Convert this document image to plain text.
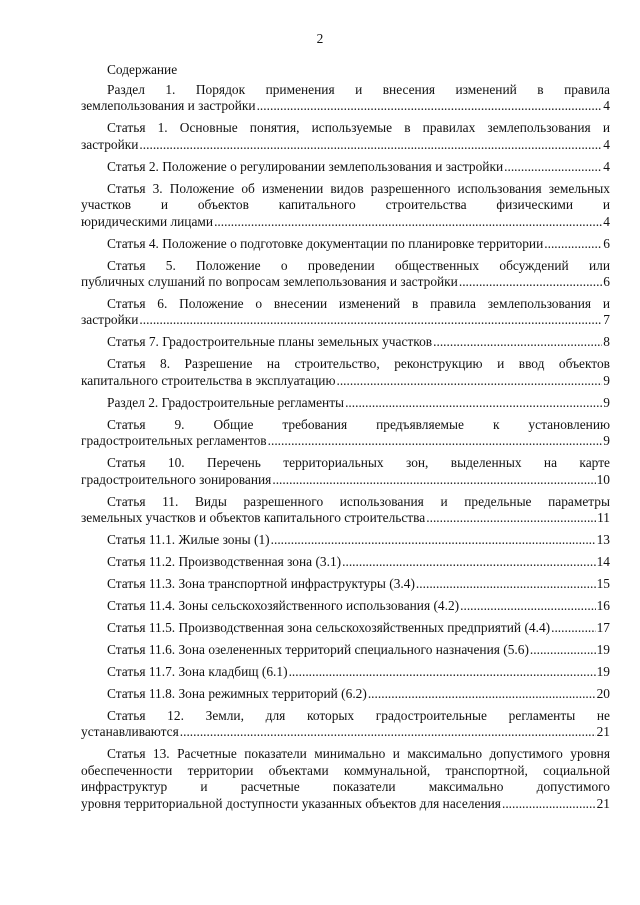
2
Содержание
Раздел 1. Порядок применения и внесения изменений в правила
землепользования и застройки .....	4
Статья 1. Основные понятия, используемые в правилах землепользования и
застройки .....	4
Статья 2. Положение о регулировании землепользования и застройки .....	4
Статья 3. Положение об изменении видов разрешенного использования земельных участков и объектов капитального строительства физическими и
юридическими лицами .....	4
Статья 4. Положение о подготовке документации по планировке территории .....	6
Статья 5. Положение о проведении общественных обсуждений или
публичных слушаний по вопросам землепользования и застройки .....	6
Статья 6. Положение о внесении изменений в правила землепользования и
застройки .....	7
Статья 7. Градостроительные планы земельных участков .....	8
Статья 8. Разрешение на строительство, реконструкцию и ввод объектов
капитального строительства в эксплуатацию .....	9
Раздел 2. Градостроительные регламенты .....	9
Статья 9. Общие требования предъявляемые к установлению
градостроительных регламентов .....	9
Статья 10. Перечень территориальных зон, выделенных на карте
градостроительного зонирования .....	10
Статья 11. Виды разрешенного использования и предельные параметры
земельных участков и объектов капитального строительства .....	11
Статья 11.1. Жилые зоны (1) .....	13
Статья 11.2. Производственная зона (3.1) .....	14
Статья 11.3. Зона транспортной инфраструктуры (3.4) .....	15
Статья 11.4. Зоны сельскохозяйственного использования (4.2) .....	16
Статья 11.5. Производственная зона сельскохозяйственных предприятий (4.4) .....	17
Статья 11.6. Зона озелененных территорий специального назначения (5.6) .....	19
Статья 11.7. Зона кладбищ (6.1) .....	19
Статья 11.8. Зона режимных территорий (6.2) .....	20
Статья 12. Земли, для которых градостроительные регламенты не
устанавливаются .....	21
Статья 13. Расчетные показатели минимально и максимально допустимого уровня обеспеченности территории объектами коммунальной, транспортной, социальной инфраструктур и расчетные показатели максимально допустимого
уровня территориальной доступности указанных объектов для населения .....	21
